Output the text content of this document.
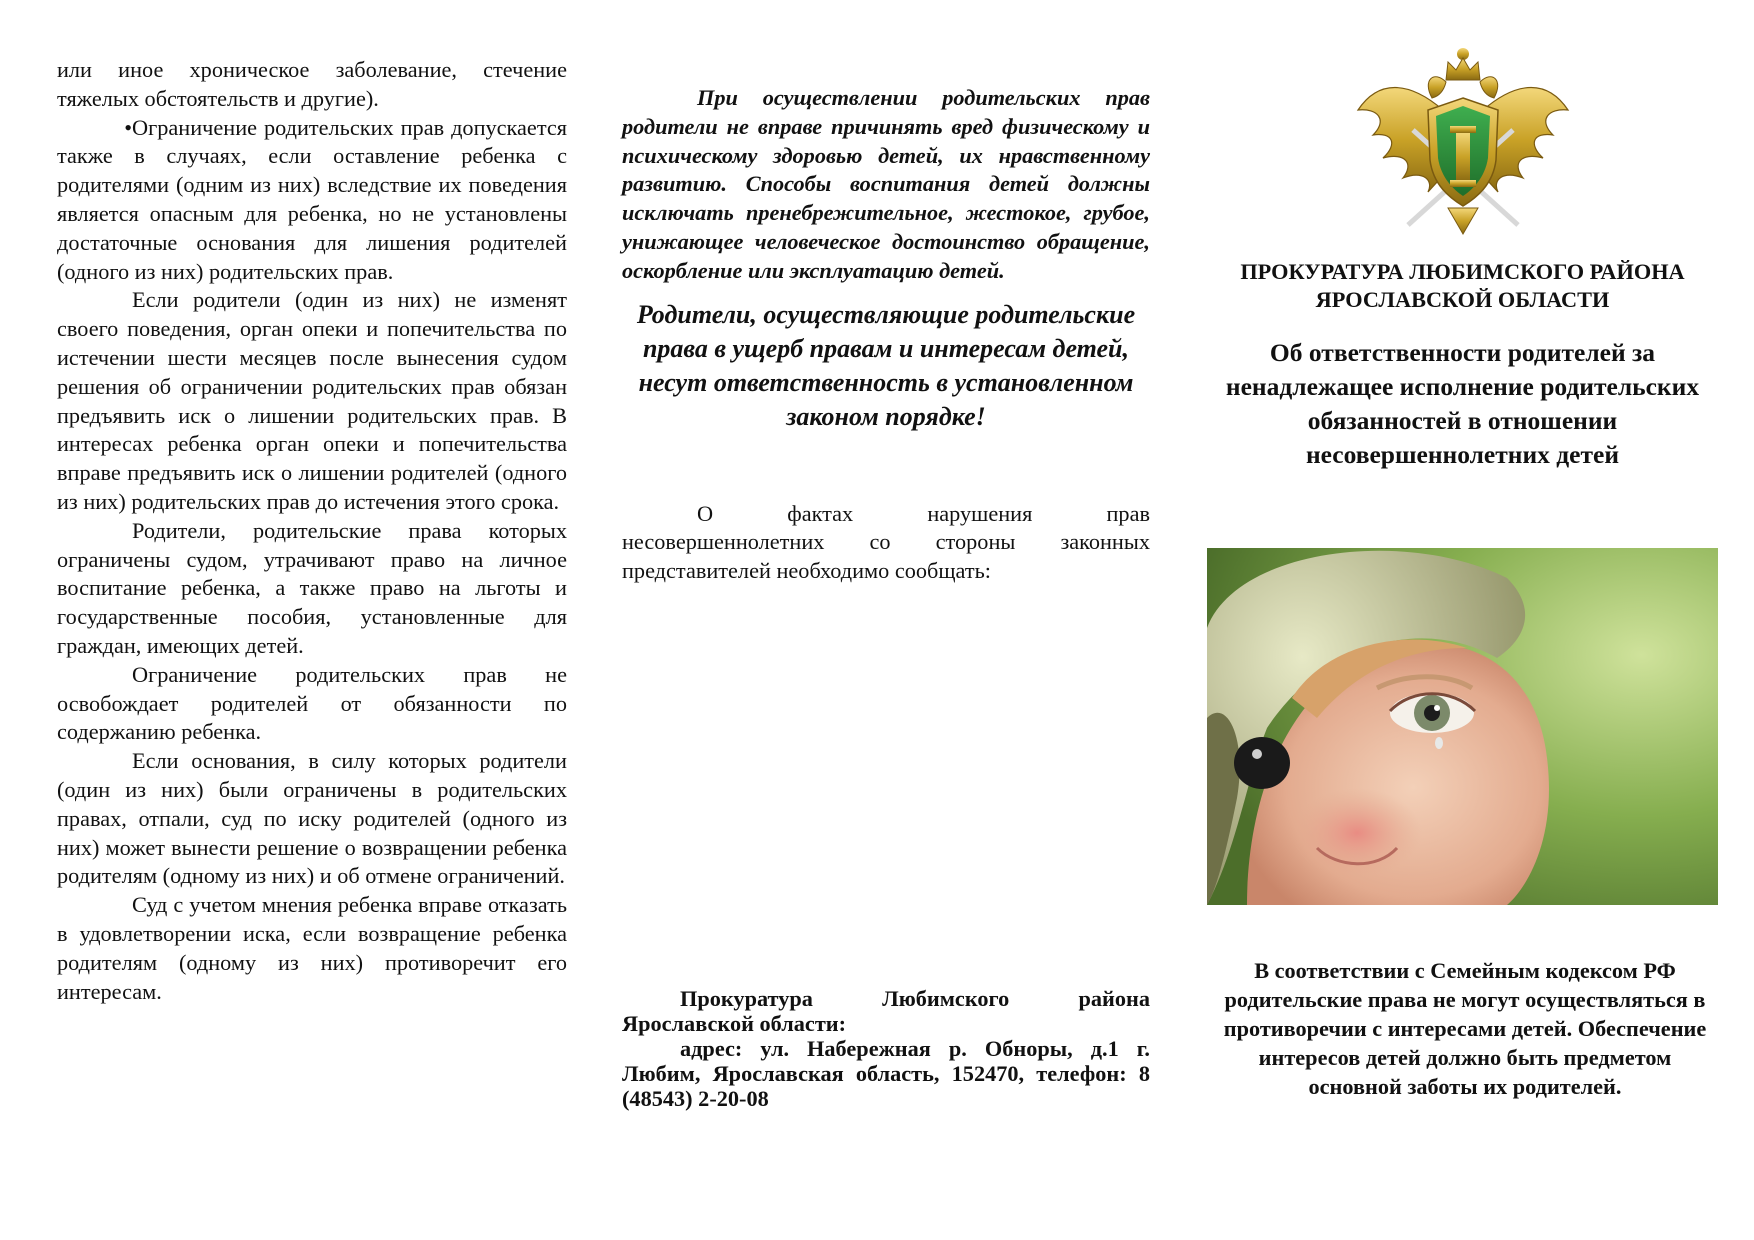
или иное хроническое заболевание, стечение тяжелых обстоятельств и другие).

•Ограничение родительских прав допускается также в случаях, если оставление ребенка с родителями (одним из них) вследствие их поведения является опасным для ребенка, но не установлены достаточные основания для лишения родителей (одного из них) родительских прав.

Если родители (один из них) не изменят своего поведения, орган опеки и попечительства по истечении шести месяцев после вынесения судом решения об ограничении родительских прав обязан предъявить иск о лишении родительских прав. В интересах ребенка орган опеки и попечительства вправе предъявить иск о лишении родителей (одного из них) родительских прав до истечения этого срока.

Родители, родительские права которых ограничены судом, утрачивают право на личное воспитание ребенка, а также право на льготы и государственные пособия, установленные для граждан, имеющих детей.

Ограничение родительских прав не освобождает родителей от обязанности по содержанию ребенка.

Если основания, в силу которых родители (один из них) были ограничены в родительских правах, отпали, суд по иску родителей (одного из них) может вынести решение о возвращении ребенка родителям (одному из них) и об отмене ограничений.

Суд с учетом мнения ребенка вправе отказать в удовлетворении иска, если возвращение ребенка родителям (одному из них) противоречит его интересам.

При осуществлении родительских прав родители не вправе причинять вред физическому и психическому здоровью детей, их нравственному развитию. Способы воспитания детей должны исключать пренебрежительное, жестокое, грубое, унижающее человеческое достоинство обращение, оскорбление или эксплуатацию детей.

Родители, осуществляющие родительские права в ущерб правам и интересам детей, несут ответственность в установленном законом порядке!

О фактах нарушения прав несовершеннолетних со стороны законных представителей необходимо сообщать:

Прокуратура Любимского района Ярославской области:

адрес: ул. Набережная р. Обноры, д.1 г. Любим, Ярославская область, 152470, телефон: 8 (48543) 2-20-08

ПРОКУРАТУРА ЛЮБИМСКОГО РАЙОНА ЯРОСЛАВСКОЙ ОБЛАСТИ

Об ответственности родителей за ненадлежащее исполнение родительских обязанностей в отношении несовершеннолетних детей

В соответствии с Семейным кодексом РФ родительские права не могут осуществляться в противоречии с интересами детей. Обеспечение интересов детей должно быть предметом основной заботы их родителей.
